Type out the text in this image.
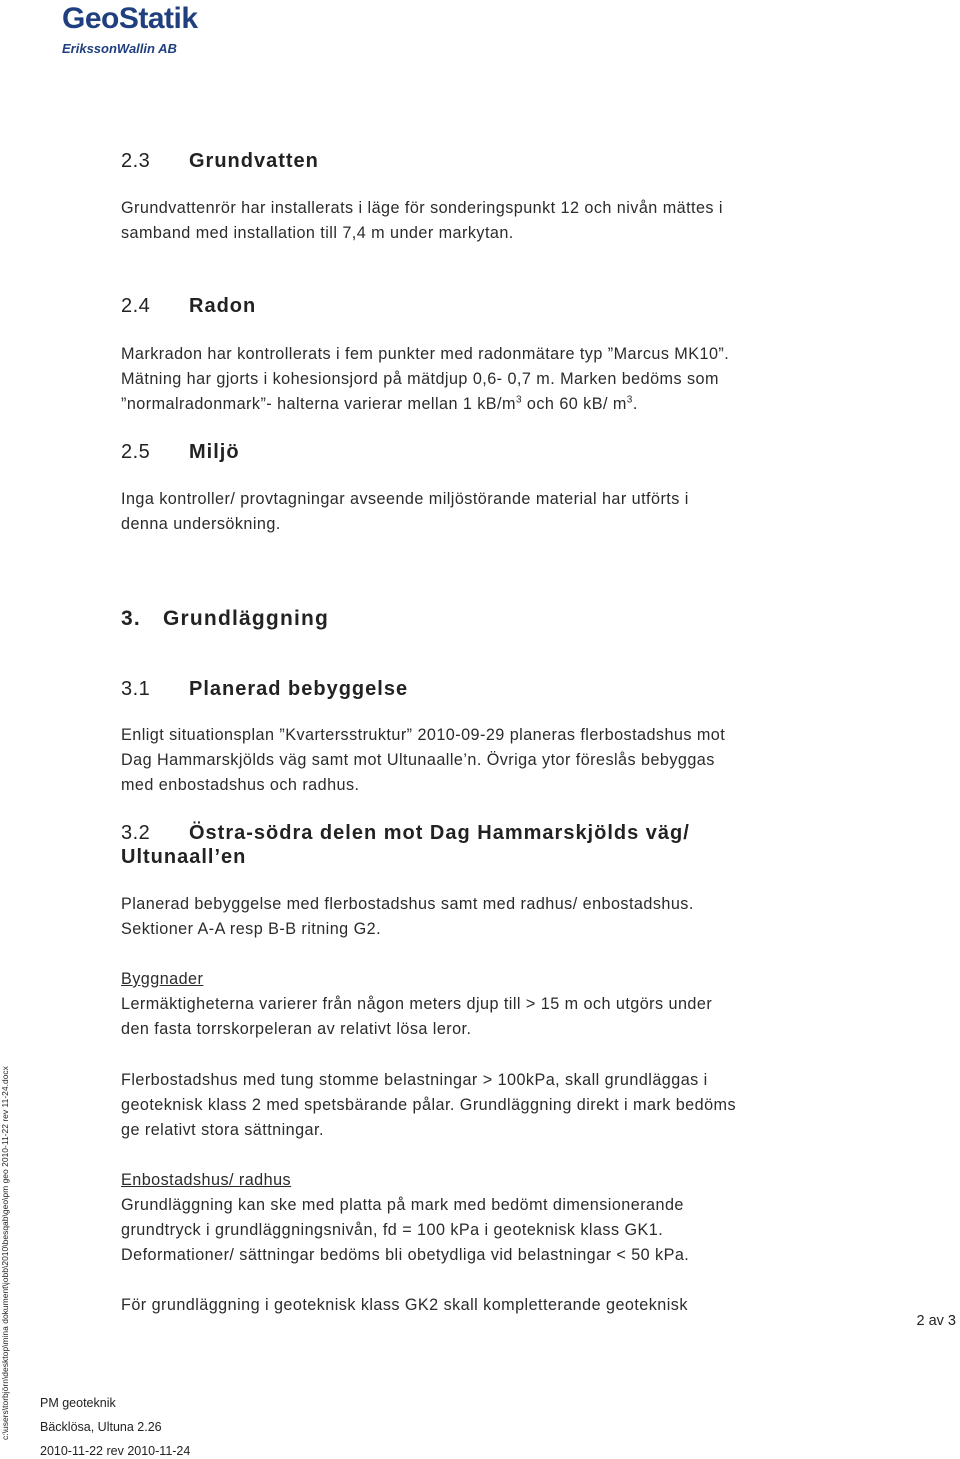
GeoStatik
ErikssonWallin AB
2.3 Grundvatten
Grundvattenrör har installerats i läge för sonderingspunkt 12 och nivån mättes i
samband med installation till 7,4 m under markytan.
2.4 Radon
Markradon har kontrollerats i fem punkter med radonmätare typ ”Marcus MK10”.
Mätning har gjorts i kohesionsjord på mätdjup 0,6- 0,7 m. Marken bedöms som
”normalradonmark”- halterna varierar mellan 1 $kB/m^3$ och 60 kB/ $m^3$.
2.5 Miljö
Inga kontroller/ provtagningar avseende miljöstörande material har utförts i
denna undersökning.
3. Grundläggning
3.1 Planerad bebyggelse
Enligt situationsplan ”Kvartersstruktur” 2010-09-29 planeras flerbostadshus mot
Dag Hammarskjölds väg samt mot Ultunaalle’n. Övriga ytor föreslås bebyggas
med enbostadshus och radhus.
3.2 Östra-södra delen mot Dag Hammarskjölds väg/
Ultunaall’en
Planerad bebyggelse med flerbostadshus samt med radhus/ enbostadshus.
Sektioner A-A resp B-B ritning G2.
Byggnader
Lermäktigheterna varierer från någon meters djup till > 15 m och utgörs under
den fasta torrskorpeleran av relativt lösa leror.
Flerbostadshus med tung stomme belastningar > 100kPa, skall grundläggas i
geoteknisk klass 2 med spetsbärande pålar. Grundläggning direkt i mark bedöms
ge relativt stora sättningar.
Enbostadshus/ radhus
Grundläggning kan ske med platta på mark med bedömt dimensionerande
grundtryck i grundläggningsnivån, fd = 100 kPa i geoteknisk klass GK1.
Deformationer/ sättningar bedöms bli obetydliga vid belastningar < 50 kPa.
För grundläggning i geoteknisk klass GK2 skall kompletterande geoteknisk
2 av 3
PM geoteknik
Bäcklösa, Ultuna 2.26
2010-11-22 rev 2010-11-24
c:\users\torbjörn\desktop\mina dokument\jobb\2010\besqab\geo\pm geo 2010-11-22 rev 11-24.docx
